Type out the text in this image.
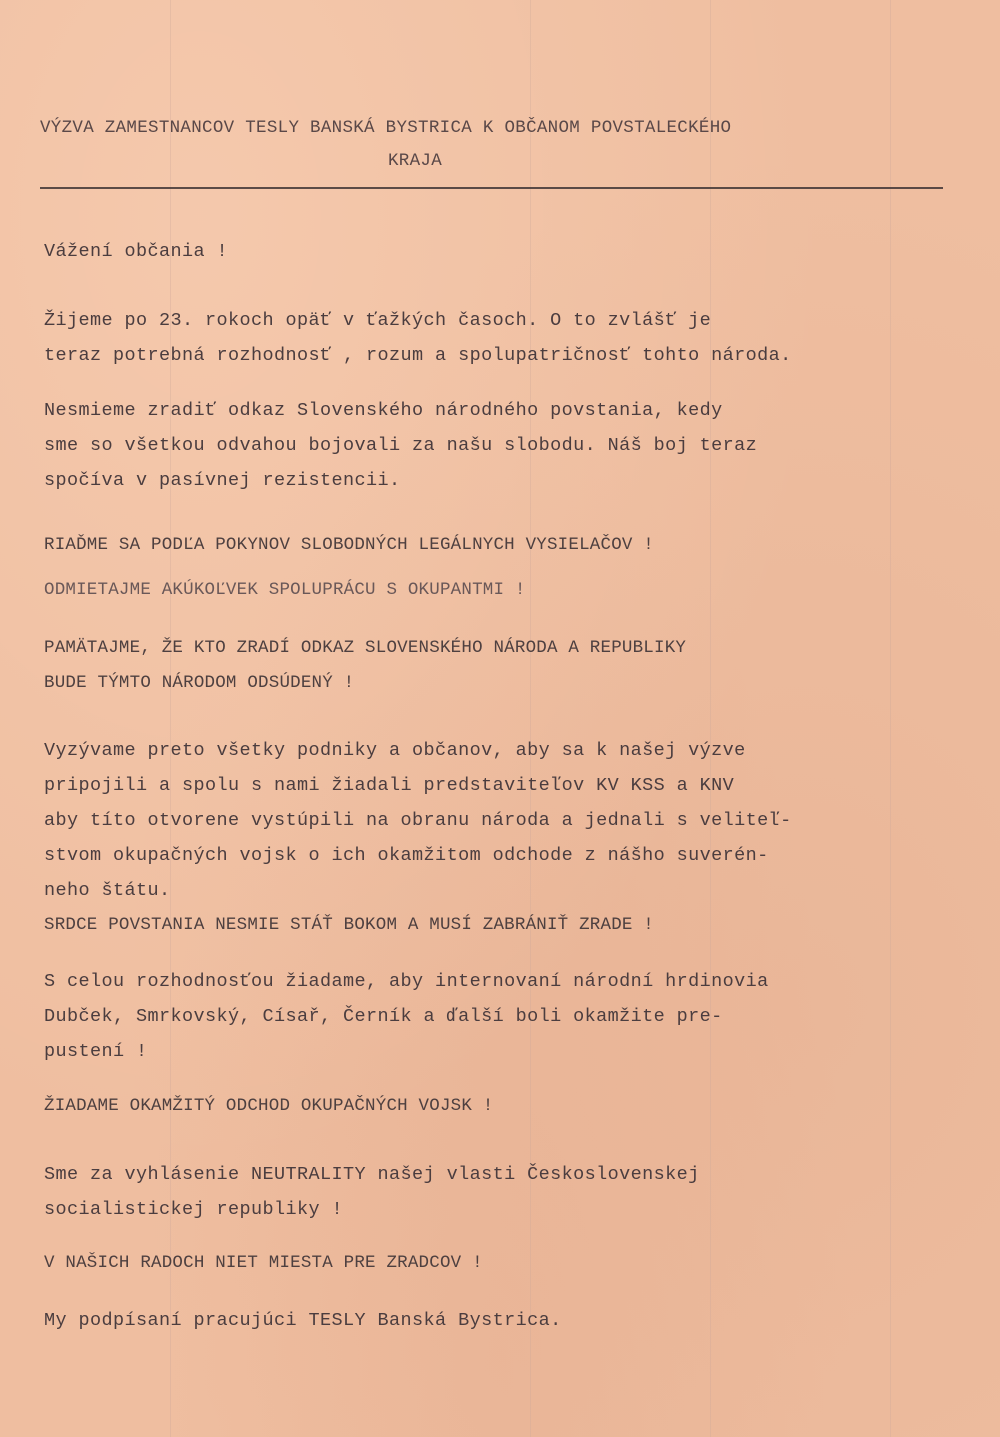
VÝZVA ZAMESTNANCOV TESLY BANSKÁ BYSTRICA K OBČANOM POVSTALECKÉHO
KRAJA
Vážení občania !
Žijeme po 23. rokoch opäť v ťažkých časoch. O to zvlášť je
teraz potrebná rozhodnosť , rozum a spolupatričnosť tohto národa.
Nesmieme zradiť odkaz Slovenského národného povstania, kedy
sme so všetkou odvahou bojovali za našu slobodu. Náš boj teraz
spočíva v pasívnej rezistencii.
RIAĎME SA PODĽA POKYNOV SLOBODNÝCH LEGÁLNYCH VYSIELAČOV !
ODMIETAJME AKÚKOĽVEK SPOLUPRÁCU S OKUPANTMI !
PAMÄTAJME, ŽE KTO ZRADÍ ODKAZ SLOVENSKÉHO NÁRODA A REPUBLIKY
BUDE TÝMTO NÁRODOM ODSÚDENÝ !
Vyzývame preto všetky podniky a občanov, aby sa k našej výzve
pripojili a spolu s nami žiadali predstaviteľov KV KSS a KNV
aby títo otvorene vystúpili na obranu národa a jednali s veliteľ-
stvom okupačných vojsk o ich okamžitom odchode z nášho suverén-
neho štátu.
SRDCE POVSTANIA NESMIE STÁŤ BOKOM A MUSÍ ZABRÁNIŤ ZRADE !
S celou rozhodnosťou žiadame, aby internovaní národní hrdinovia
Dubček, Smrkovský, Císař, Černík a ďalší boli okamžite pre-
pustení !
ŽIADAME OKAMŽITÝ ODCHOD OKUPAČNÝCH VOJSK !
Sme za vyhlásenie NEUTRALITY našej vlasti Československej
socialistickej republiky !
V NAŠICH RADOCH NIET MIESTA PRE ZRADCOV !
My podpísaní pracujúci TESLY Banská Bystrica.
